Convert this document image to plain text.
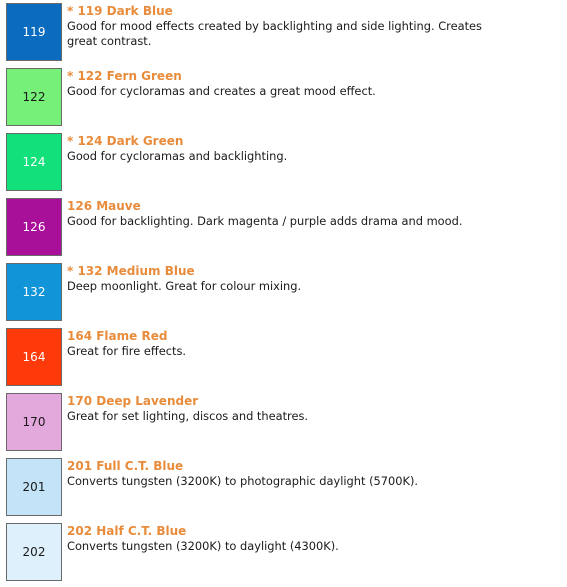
119
* 119 Dark Blue
Good for mood effects created by backlighting and side lighting. Creates great contrast.
122
* 122 Fern Green
Good for cycloramas and creates a great mood effect.
124
* 124 Dark Green
Good for cycloramas and backlighting.
126
126 Mauve
Good for backlighting. Dark magenta / purple adds drama and mood.
132
* 132 Medium Blue
Deep moonlight. Great for colour mixing.
164
164 Flame Red
Great for fire effects.
170
170 Deep Lavender
Great for set lighting, discos and theatres.
201
201 Full C.T. Blue
Converts tungsten (3200K) to photographic daylight (5700K).
202
202 Half C.T. Blue
Converts tungsten (3200K) to daylight (4300K).
